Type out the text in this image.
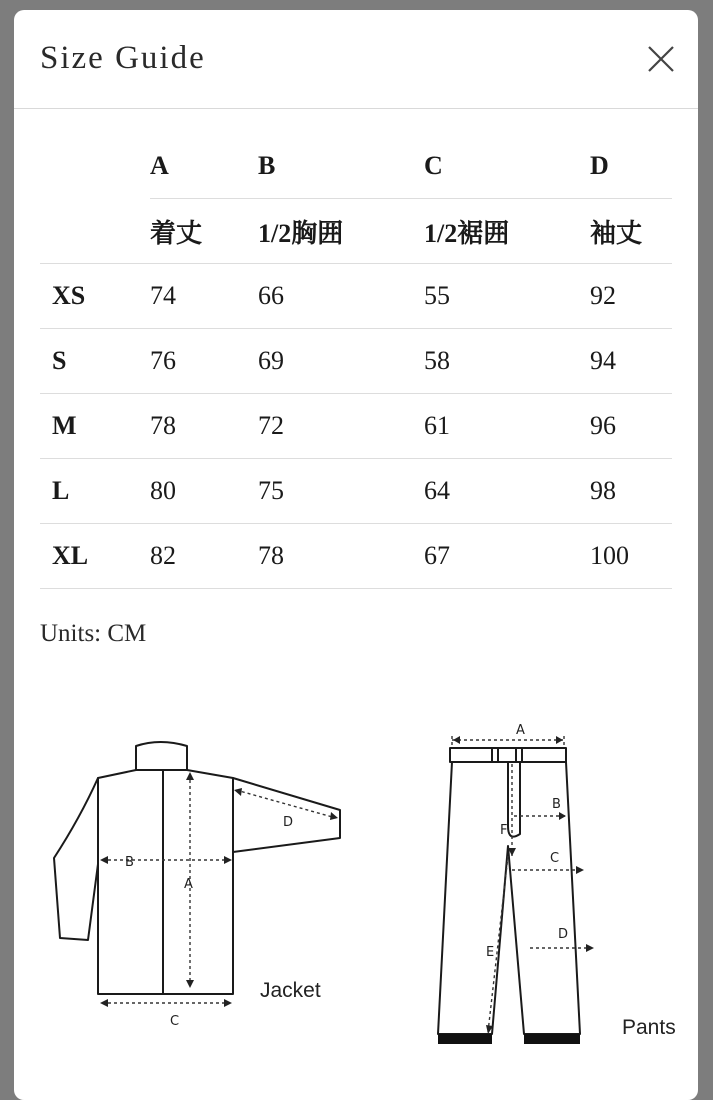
Size Guide
	A	B	C	D
	着丈	1/2胸囲	1/2裾囲	袖丈
XS	74	66	55	92
S	76	69	58	94
M	78	72	61	96
L	80	75	64	98
XL	82	78	67	100
Units: CM
A
B
C
D
Jacket
A
B
C
D
E
F
Pants
